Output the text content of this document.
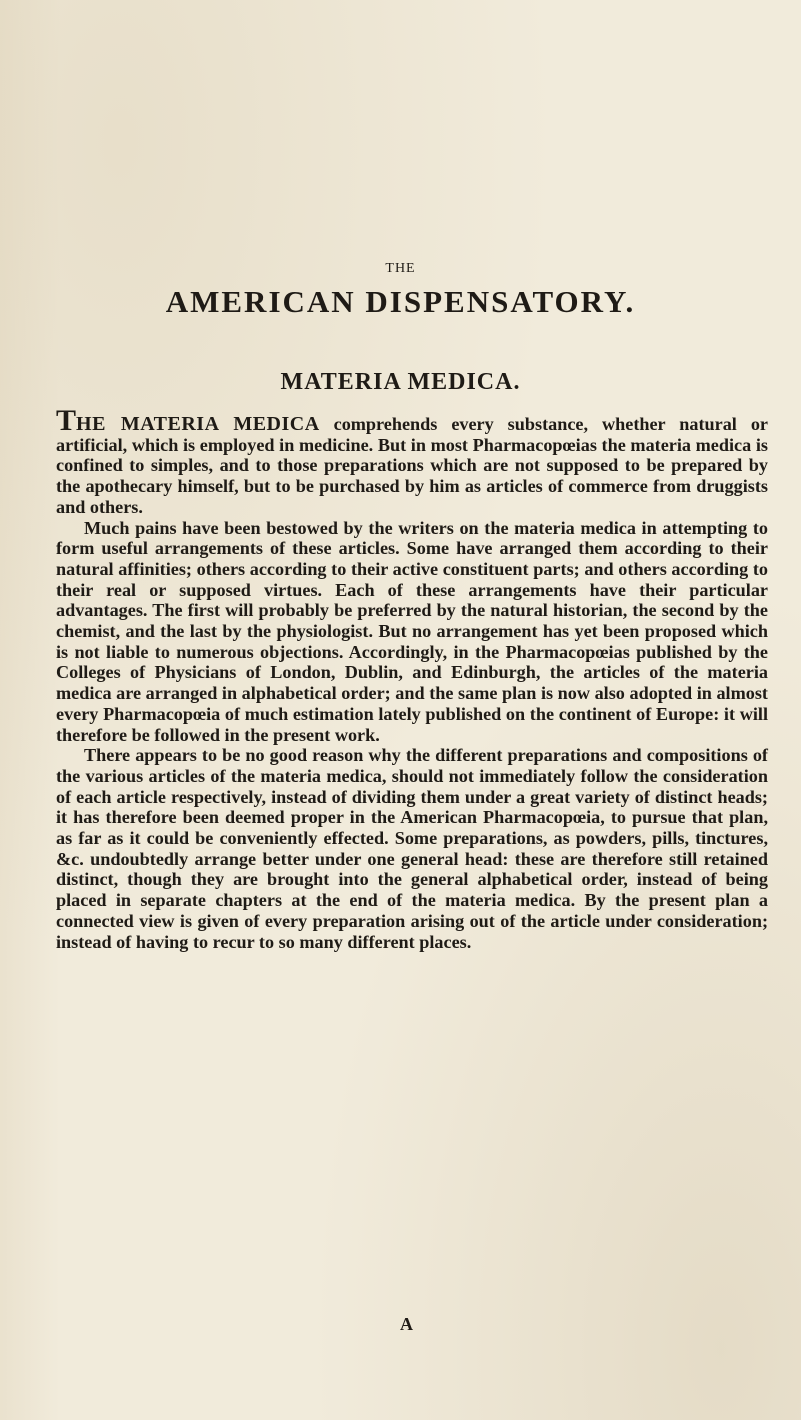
THE
AMERICAN DISPENSATORY.
MATERIA MEDICA.

THE MATERIA MEDICA comprehends every substance, whether natural or artificial, which is employed in medicine. But in most Pharmacopœias the materia medica is confined to simples, and to those preparations which are not supposed to be prepared by the apothecary himself, but to be purchased by him as articles of commerce from druggists and others.

Much pains have been bestowed by the writers on the materia medica in attempting to form useful arrangements of these articles. Some have arranged them according to their natural affinities; others according to their active constituent parts; and others according to their real or supposed virtues. Each of these arrangements have their particular advantages. The first will probably be preferred by the natural historian, the second by the chemist, and the last by the physiologist. But no arrangement has yet been proposed which is not liable to numerous objections. Accordingly, in the Pharmacopœias published by the Colleges of Physicians of London, Dublin, and Edinburgh, the articles of the materia medica are arranged in alphabetical order; and the same plan is now also adopted in almost every Pharmacopœia of much estimation lately published on the continent of Europe: it will therefore be followed in the present work.

There appears to be no good reason why the different preparations and compositions of the various articles of the materia medica, should not immediately follow the consideration of each article respectively, instead of dividing them under a great variety of distinct heads; it has therefore been deemed proper in the American Pharmacopœia, to pursue that plan, as far as it could be conveniently effected. Some preparations, as powders, pills, tinctures, &c. undoubtedly arrange better under one general head: these are therefore still retained distinct, though they are brought into the general alphabetical order, instead of being placed in separate chapters at the end of the materia medica. By the present plan a connected view is given of every preparation arising out of the article under consideration; instead of having to recur to so many different places.

A
